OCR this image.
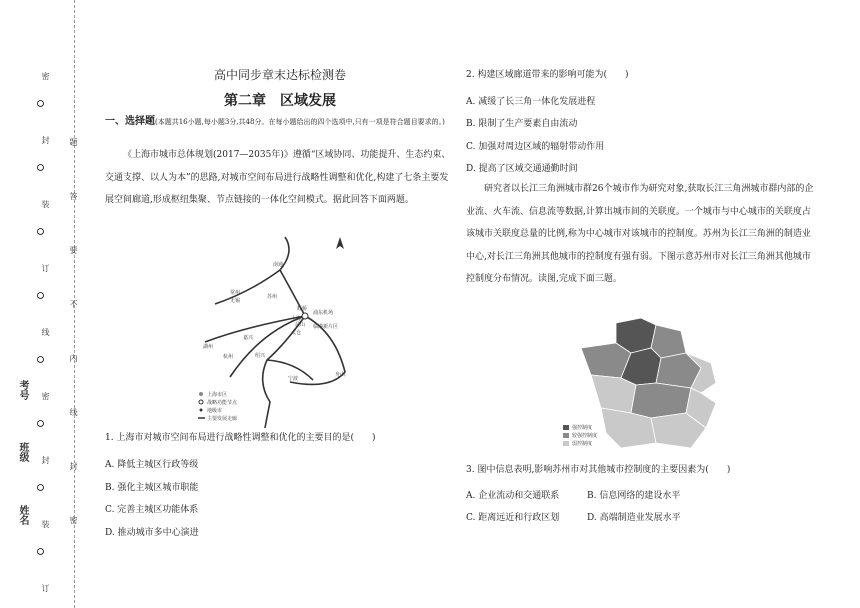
密
封
装
订
线
密
封
装
订
题
答
要
不
内
线
封
密
姓名
班级
考号
高中同步章末达标检测卷
第二章　区域发展
一、选择题(本题共16小题,每小题3分,共48分。在每小题给出的四个选项中,只有一项是符合题目要求的。)
《上海市城市总体规划(2017—2035年)》遵循“区域协同、功能提升、生态约束、交通支撑、以人为本”的思路,对城市空间布局进行战略性调整和优化,构建了七条主要发展空间廊道,形成枢纽集聚、节点链接的一体化空间模式。据此回答下面两题。
南通
常州
无锡
苏州
虹桥
浦东机场
临港新片区
嘉兴
湖州
杭州	绍兴
宁波
舟山
昆山
太仓
上海
上海市区
战略功能节点
地级市
主要发展走廊
1. 上海市对城市空间布局进行战略性调整和优化的主要目的是(　　)
A. 降低主城区行政等级
B. 强化主城区城市职能
C. 完善主城区功能体系
D. 推动城市多中心演进
2. 构建区域廊道带来的影响可能为(　　)
A. 减缓了长三角一体化发展进程
B. 限制了生产要素自由流动
C. 加强对周边区域的辐射带动作用
D. 提高了区域交通通勤时间
研究者以长江三角洲城市群26个城市作为研究对象,获取长江三角洲城市群内部的企业流、火车流、信息流等数据,计算出城市间的关联度。一个城市与中心城市的关联度占该城市关联度总量的比例,称为中心城市对该城市的控制度。苏州为长江三角洲的制造业中心,对长江三角洲其他城市的控制度有强有弱。下图示意苏州市对长江三角洲其他城市控制度分布情况。读图,完成下面三题。
强控制度
较强控制度
弱控制度
3. 图中信息表明,影响苏州市对其他城市控制度的主要因素为(　　)
A. 企业流动和交通联系	B. 信息网络的建设水平
C. 距离远近和行政区划	D. 高端制造业发展水平
